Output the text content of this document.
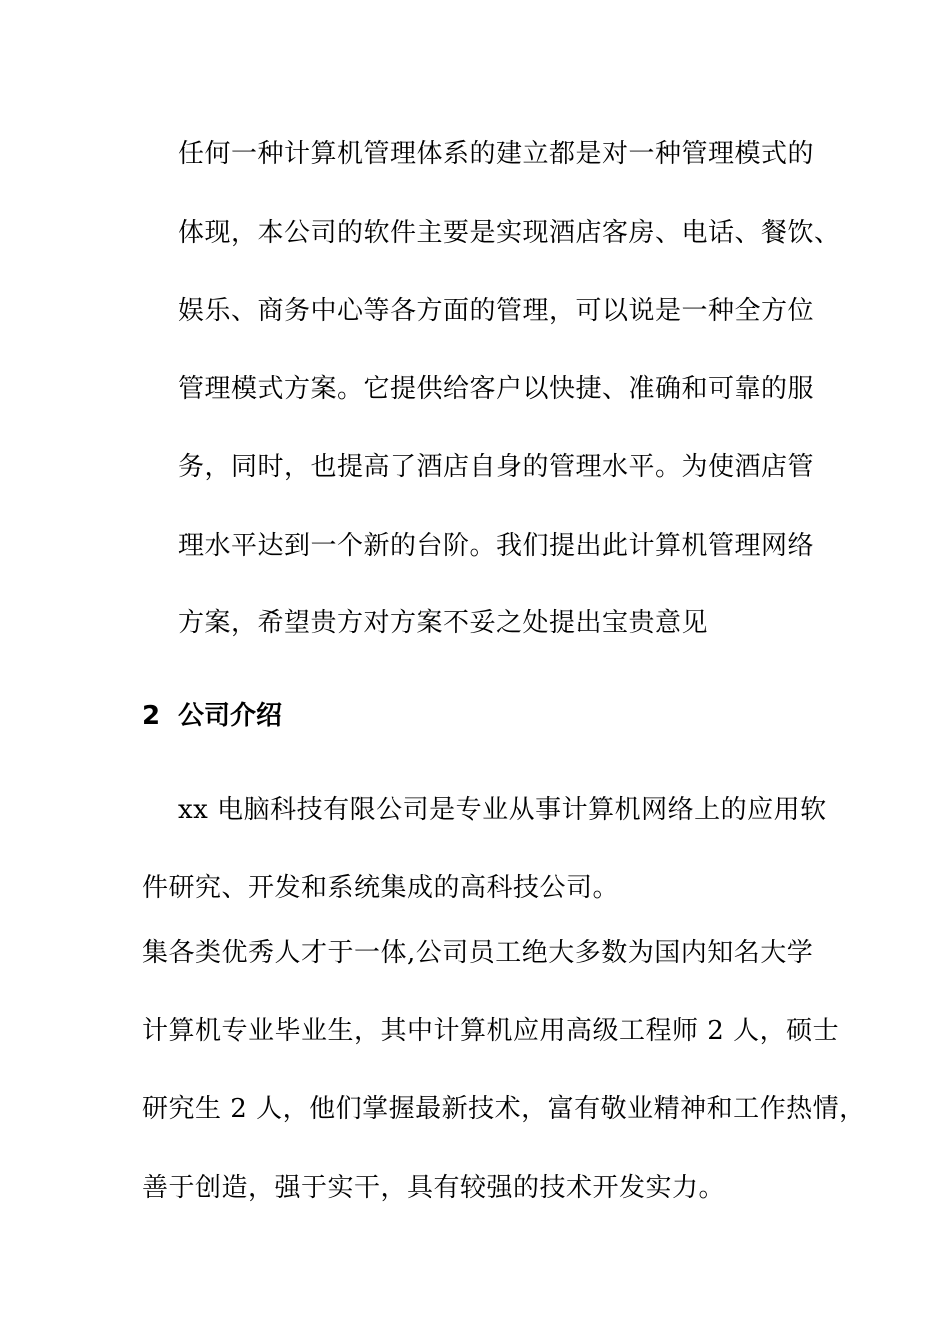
任何一种计算机管理体系的建立都是对一种管理模式的
体现，本公司的软件主要是实现酒店客房、电话、餐饮、
娱乐、商务中心等各方面的管理，可以说是一种全方位
管理模式方案。它提供给客户以快捷、准确和可靠的服
务，同时，也提高了酒店自身的管理水平。为使酒店管
理水平达到一个新的台阶。我们提出此计算机管理网络
方案，希望贵方对方案不妥之处提出宝贵意见
2 公司介绍
xx 电脑科技有限公司是专业从事计算机网络上的应用软
件研究、开发和系统集成的高科技公司。
集各类优秀人才于一体,公司员工绝大多数为国内知名大学
计算机专业毕业生，其中计算机应用高级工程师 2 人，硕士
研究生 2 人，他们掌握最新技术，富有敬业精神和工作热情，
善于创造，强于实干，具有较强的技术开发实力。
